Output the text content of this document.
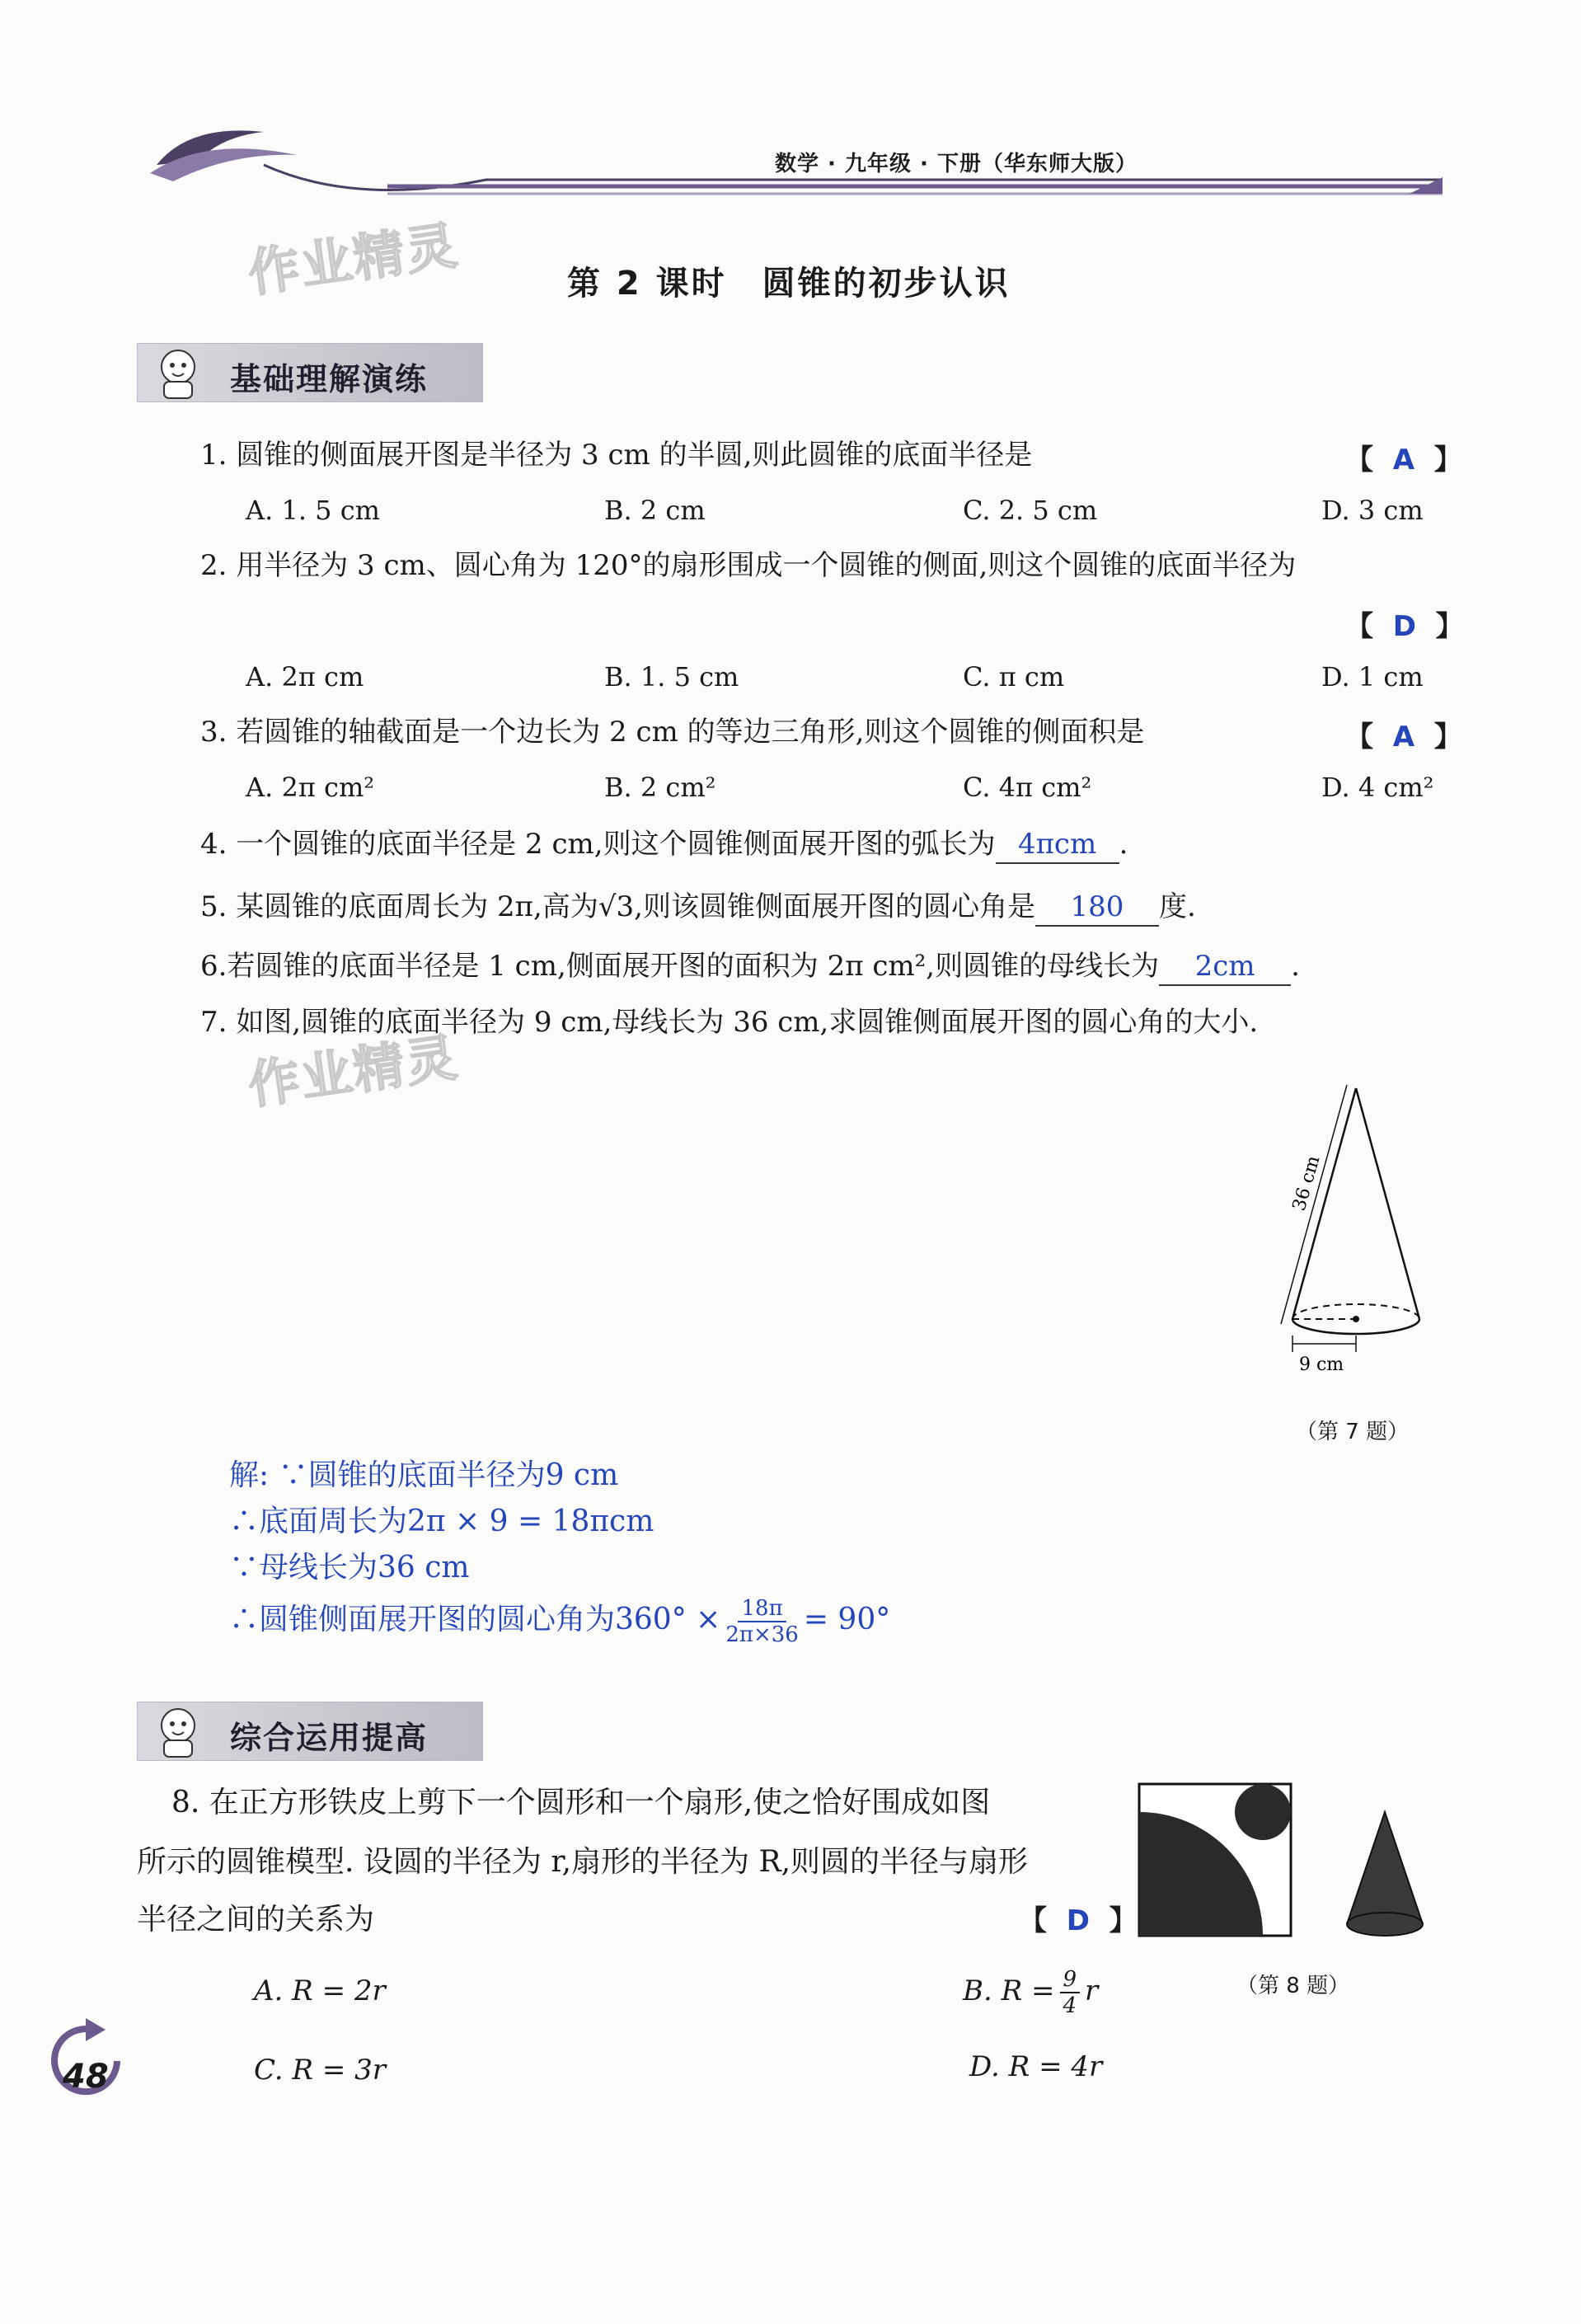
数学 · 九年级 · 下册（华东师大版）
作业精灵
作业精灵
第 2 课时　圆锥的初步认识
基础理解演练
1. 圆锥的侧面展开图是半径为 3 cm 的半圆,则此圆锥的底面半径是	【  A  】
A. 1. 5 cm	B. 2 cm	C. 2. 5 cm	D. 3 cm
2. 用半径为 3 cm、圆心角为 120°的扇形围成一个圆锥的侧面,则这个圆锥的底面半径为
【  D  】
A. 2π cm	B. 1. 5 cm	C. π cm	D. 1 cm
3. 若圆锥的轴截面是一个边长为 2 cm 的等边三角形,则这个圆锥的侧面积是	【  A  】
A. 2π cm²	B. 2 cm²	C. 4π cm²	D. 4 cm²
4. 一个圆锥的底面半径是 2 cm,则这个圆锥侧面展开图的弧长为 4πcm .
5. 某圆锥的底面周长为 2π,高为√3,则该圆锥侧面展开图的圆心角是 180 度.
6.若圆锥的底面半径是 1 cm,侧面展开图的面积为 2π cm²,则圆锥的母线长为 2cm .
7. 如图,圆锥的底面半径为 9 cm,母线长为 36 cm,求圆锥侧面展开图的圆心角的大小.
36 cm
9 cm
（第 7 题）
解: ∵圆锥的底面半径为9 cm
∴底面周长为2π × 9 = 18πcm
∵母线长为36 cm
∴圆锥侧面展开图的圆心角为$360^\circ \times \frac{18\pi}{2\pi\times 36} = 90^\circ$
综合运用提高
8. 在正方形铁皮上剪下一个圆形和一个扇形,使之恰好围成如图
所示的圆锥模型. 设圆的半径为 r,扇形的半径为 R,则圆的半径与扇形
半径之间的关系为	【  D  】
A. R = 2r	B. $R = \frac{9}{4}$ r
C. R = 3r	D. R = 4r
（第 8 题）
48
